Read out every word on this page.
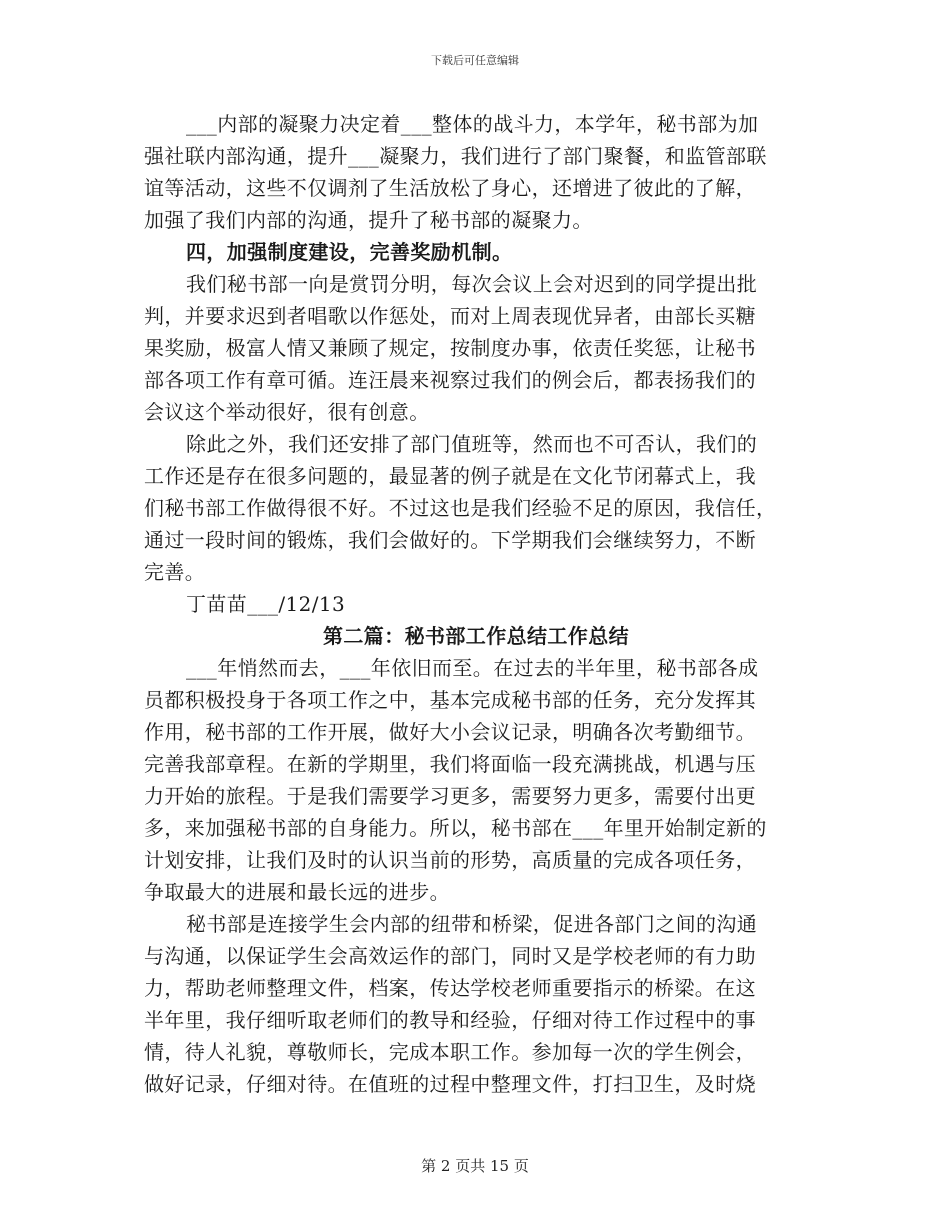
下载后可任意编辑
___内部的凝聚力决定着___整体的战斗力，本学年，秘书部为加
强社联内部沟通，提升___凝聚力，我们进行了部门聚餐，和监管部联
谊等活动，这些不仅调剂了生活放松了身心，还增进了彼此的了解，
加强了我们内部的沟通，提升了秘书部的凝聚力。
四，加强制度建设，完善奖励机制。
我们秘书部一向是赏罚分明，每次会议上会对迟到的同学提出批
判，并要求迟到者唱歌以作惩处，而对上周表现优异者，由部长买糖
果奖励，极富人情又兼顾了规定，按制度办事，依责任奖惩，让秘书
部各项工作有章可循。连汪晨来视察过我们的例会后，都表扬我们的
会议这个举动很好，很有创意。
除此之外，我们还安排了部门值班等，然而也不可否认，我们的
工作还是存在很多问题的，最显著的例子就是在文化节闭幕式上，我
们秘书部工作做得很不好。不过这也是我们经验不足的原因，我信任，
通过一段时间的锻炼，我们会做好的。下学期我们会继续努力，不断
完善。
丁苗苗___/12/13
第二篇：秘书部工作总结工作总结
___年悄然而去，___年依旧而至。在过去的半年里，秘书部各成
员都积极投身于各项工作之中，基本完成秘书部的任务，充分发挥其
作用，秘书部的工作开展，做好大小会议记录，明确各次考勤细节。
完善我部章程。在新的学期里，我们将面临一段充满挑战，机遇与压
力开始的旅程。于是我们需要学习更多，需要努力更多，需要付出更
多，来加强秘书部的自身能力。所以，秘书部在___年里开始制定新的
计划安排，让我们及时的认识当前的形势，高质量的完成各项任务，
争取最大的进展和最长远的进步。
秘书部是连接学生会内部的纽带和桥梁，促进各部门之间的沟通
与沟通，以保证学生会高效运作的部门，同时又是学校老师的有力助
力，帮助老师整理文件，档案，传达学校老师重要指示的桥梁。在这
半年里，我仔细听取老师们的教导和经验，仔细对待工作过程中的事
情，待人礼貌，尊敬师长，完成本职工作。参加每一次的学生例会，
做好记录，仔细对待。在值班的过程中整理文件，打扫卫生，及时烧
第 2 页共 15 页
